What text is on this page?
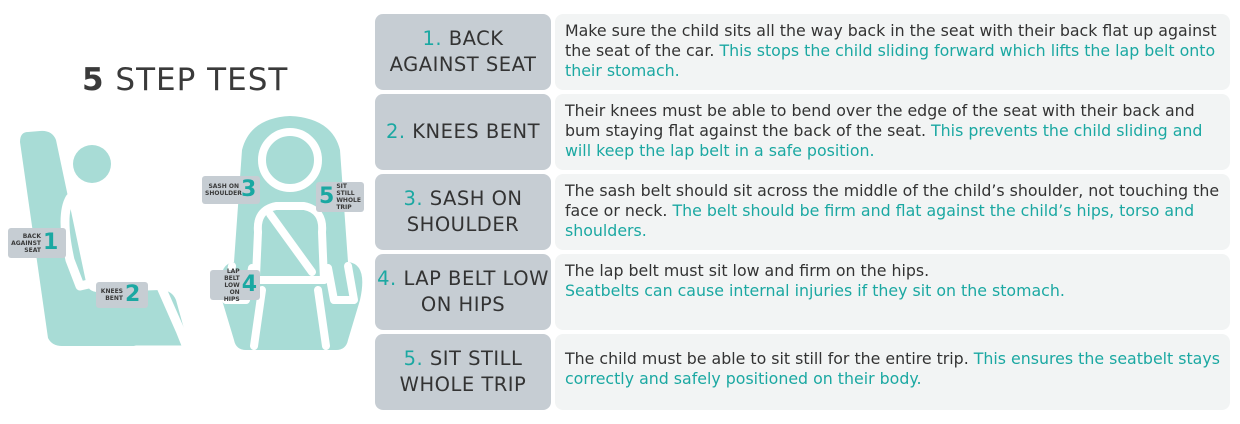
5 STEP TEST
BACK AGAINST SEAT 1
KNEES BENT 2
SASH ON SHOULDER 3	5 SIT STILL WHOLE TRIP
LAP BELT LOW ON HIPS
4
1. BACK AGAINST SEAT
Make sure the child sits all the way back in the seat with their back flat up against the seat of the car. This stops the child sliding forward which lifts the lap belt onto their stomach.
2. KNEES BENT
Their knees must be able to bend over the edge of the seat with their back and bum staying flat against the back of the seat. This prevents the child sliding and will keep the lap belt in a safe position.
3. SASH ON SHOULDER
The sash belt should sit across the middle of the child’s shoulder, not touching the face or neck. The belt should be firm and flat against the child’s hips, torso and shoulders.
4. LAP BELT LOW ON HIPS
The lap belt must sit low and firm on the hips.
Seatbelts can cause internal injuries if they sit on the stomach.
5. SIT STILL WHOLE TRIP
The child must be able to sit still for the entire trip. This ensures the seatbelt stays correctly and safely positioned on their body.
